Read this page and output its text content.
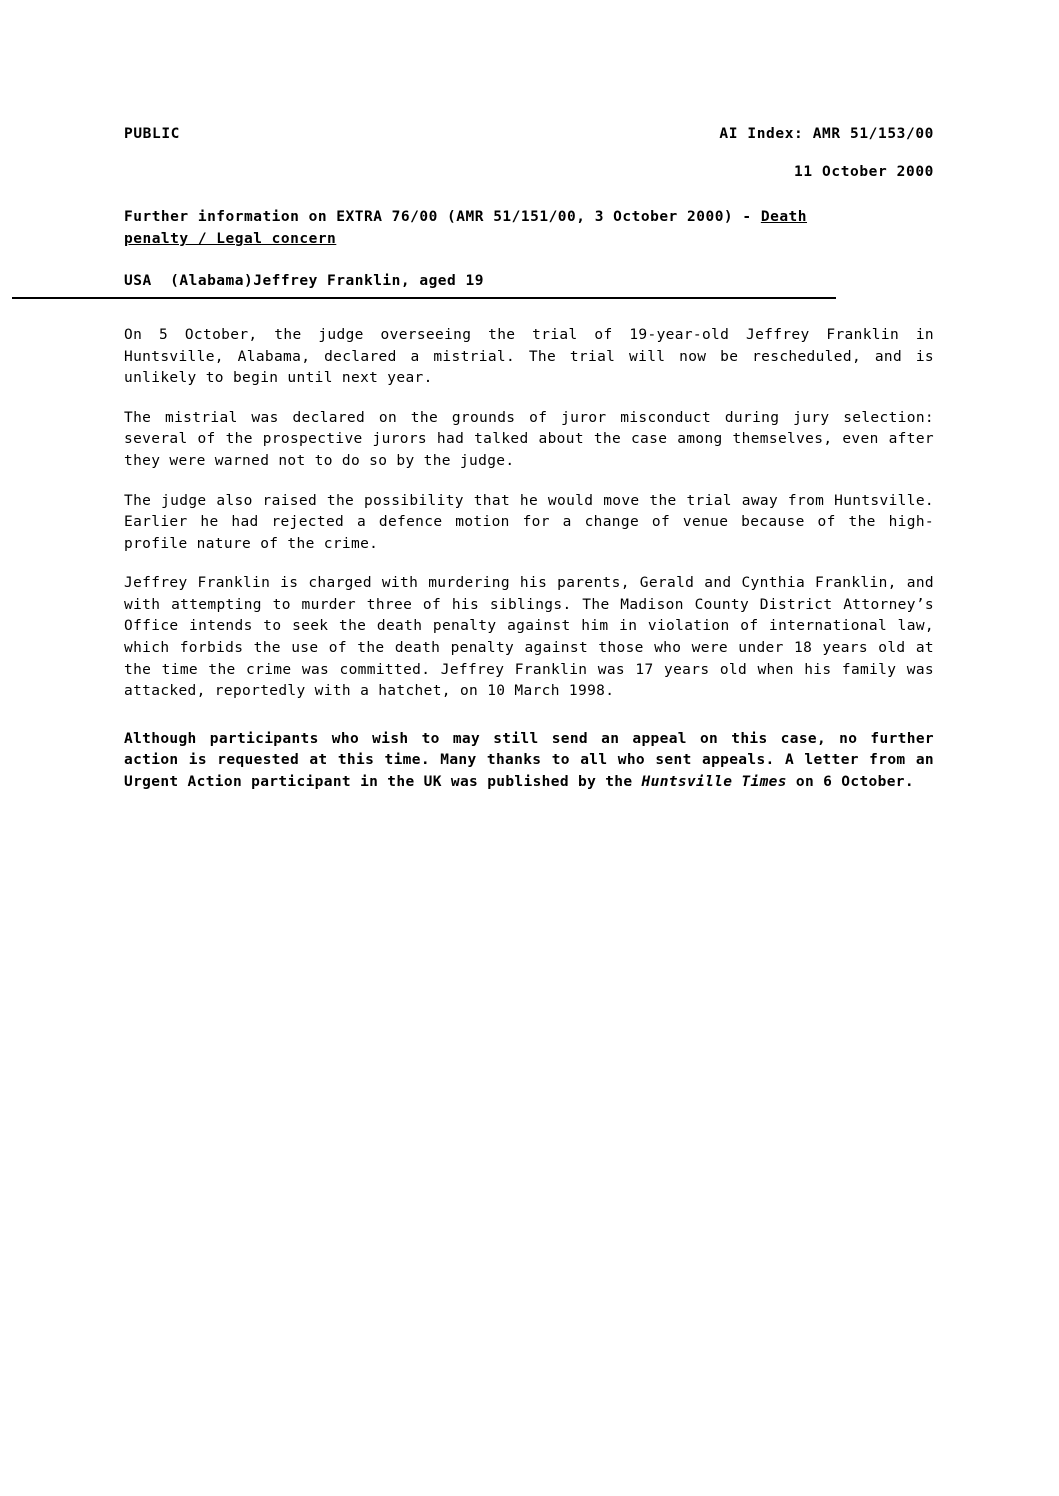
PUBLIC	AI Index: AMR 51/153/00
11 October 2000
Further information on EXTRA 76/00 (AMR 51/151/00, 3 October 2000) - Death
penalty / Legal concern
USA  (Alabama)Jeffrey Franklin, aged 19

On 5 October, the judge overseeing the trial of 19-year-old Jeffrey Franklin in Huntsville, Alabama, declared a mistrial. The trial will now be rescheduled, and is unlikely to begin until next year.

The mistrial was declared on the grounds of juror misconduct during jury selection: several of the prospective jurors had talked about the case among themselves, even after they were warned not to do so by the judge.

The judge also raised the possibility that he would move the trial away from Huntsville. Earlier he had rejected a defence motion for a change of venue because of the high-profile nature of the crime.

Jeffrey Franklin is charged with murdering his parents, Gerald and Cynthia Franklin, and with attempting to murder three of his siblings. The Madison County District Attorney’s Office intends to seek the death penalty against him in violation of international law, which forbids the use of the death penalty against those who were under 18 years old at the time the crime was committed. Jeffrey Franklin was 17 years old when his family was attacked, reportedly with a hatchet, on 10 March 1998.

Although participants who wish to may still send an appeal on this case, no further action is requested at this time. Many thanks to all who sent appeals. A letter from an Urgent Action participant in the UK was published by the Huntsville Times on 6 October.
